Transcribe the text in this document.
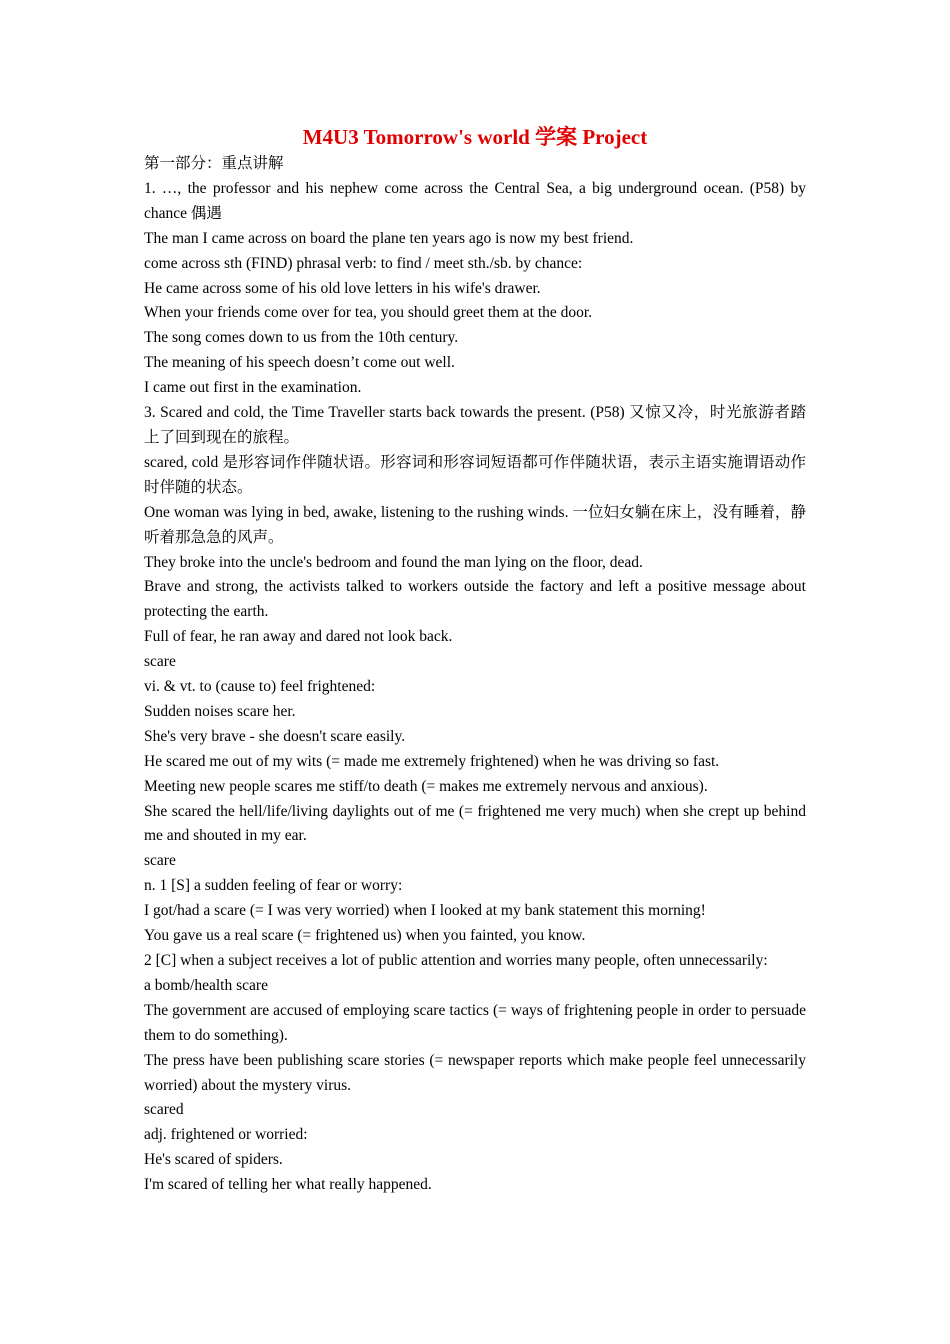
M4U3 Tomorrow's world 学案 Project

第一部分：重点讲解

1. …, the professor and his nephew come across the Central Sea, a big underground ocean. (P58) by chance 偶遇

The man I came across on board the plane ten years ago is now my best friend.

come across sth (FIND) phrasal verb: to find / meet sth./sb. by chance:

He came across some of his old love letters in his wife's drawer.

When your friends come over for tea, you should greet them at the door.

The song comes down to us from the 10th century.

The meaning of his speech doesn’t come out well.

I came out first in the examination.

3. Scared and cold, the Time Traveller starts back towards the present. (P58) 又惊又冷，时光旅游者踏上了回到现在的旅程。

scared, cold 是形容词作伴随状语。形容词和形容词短语都可作伴随状语，表示主语实施谓语动作时伴随的状态。

One woman was lying in bed, awake, listening to the rushing winds. 一位妇女躺在床上，没有睡着，静听着那急急的风声。

They broke into the uncle's bedroom and found the man lying on the floor, dead.

Brave and strong, the activists talked to workers outside the factory and left a positive message about protecting the earth.

Full of fear, he ran away and dared not look back.

scare

vi. & vt. to (cause to) feel frightened:

Sudden noises scare her.

She's very brave - she doesn't scare easily.

He scared me out of my wits (= made me extremely frightened) when he was driving so fast.

Meeting new people scares me stiff/to death (= makes me extremely nervous and anxious).

She scared the hell/life/living daylights out of me (= frightened me very much) when she crept up behind me and shouted in my ear.

scare

n. 1 [S] a sudden feeling of fear or worry:

I got/had a scare (= I was very worried) when I looked at my bank statement this morning!

You gave us a real scare (= frightened us) when you fainted, you know.

2 [C] when a subject receives a lot of public attention and worries many people, often unnecessarily:

a bomb/health scare

The government are accused of employing scare tactics (= ways of frightening people in order to persuade them to do something).

The press have been publishing scare stories (= newspaper reports which make people feel unnecessarily worried) about the mystery virus.

scared

adj. frightened or worried:

He's scared of spiders.

I'm scared of telling her what really happened.
